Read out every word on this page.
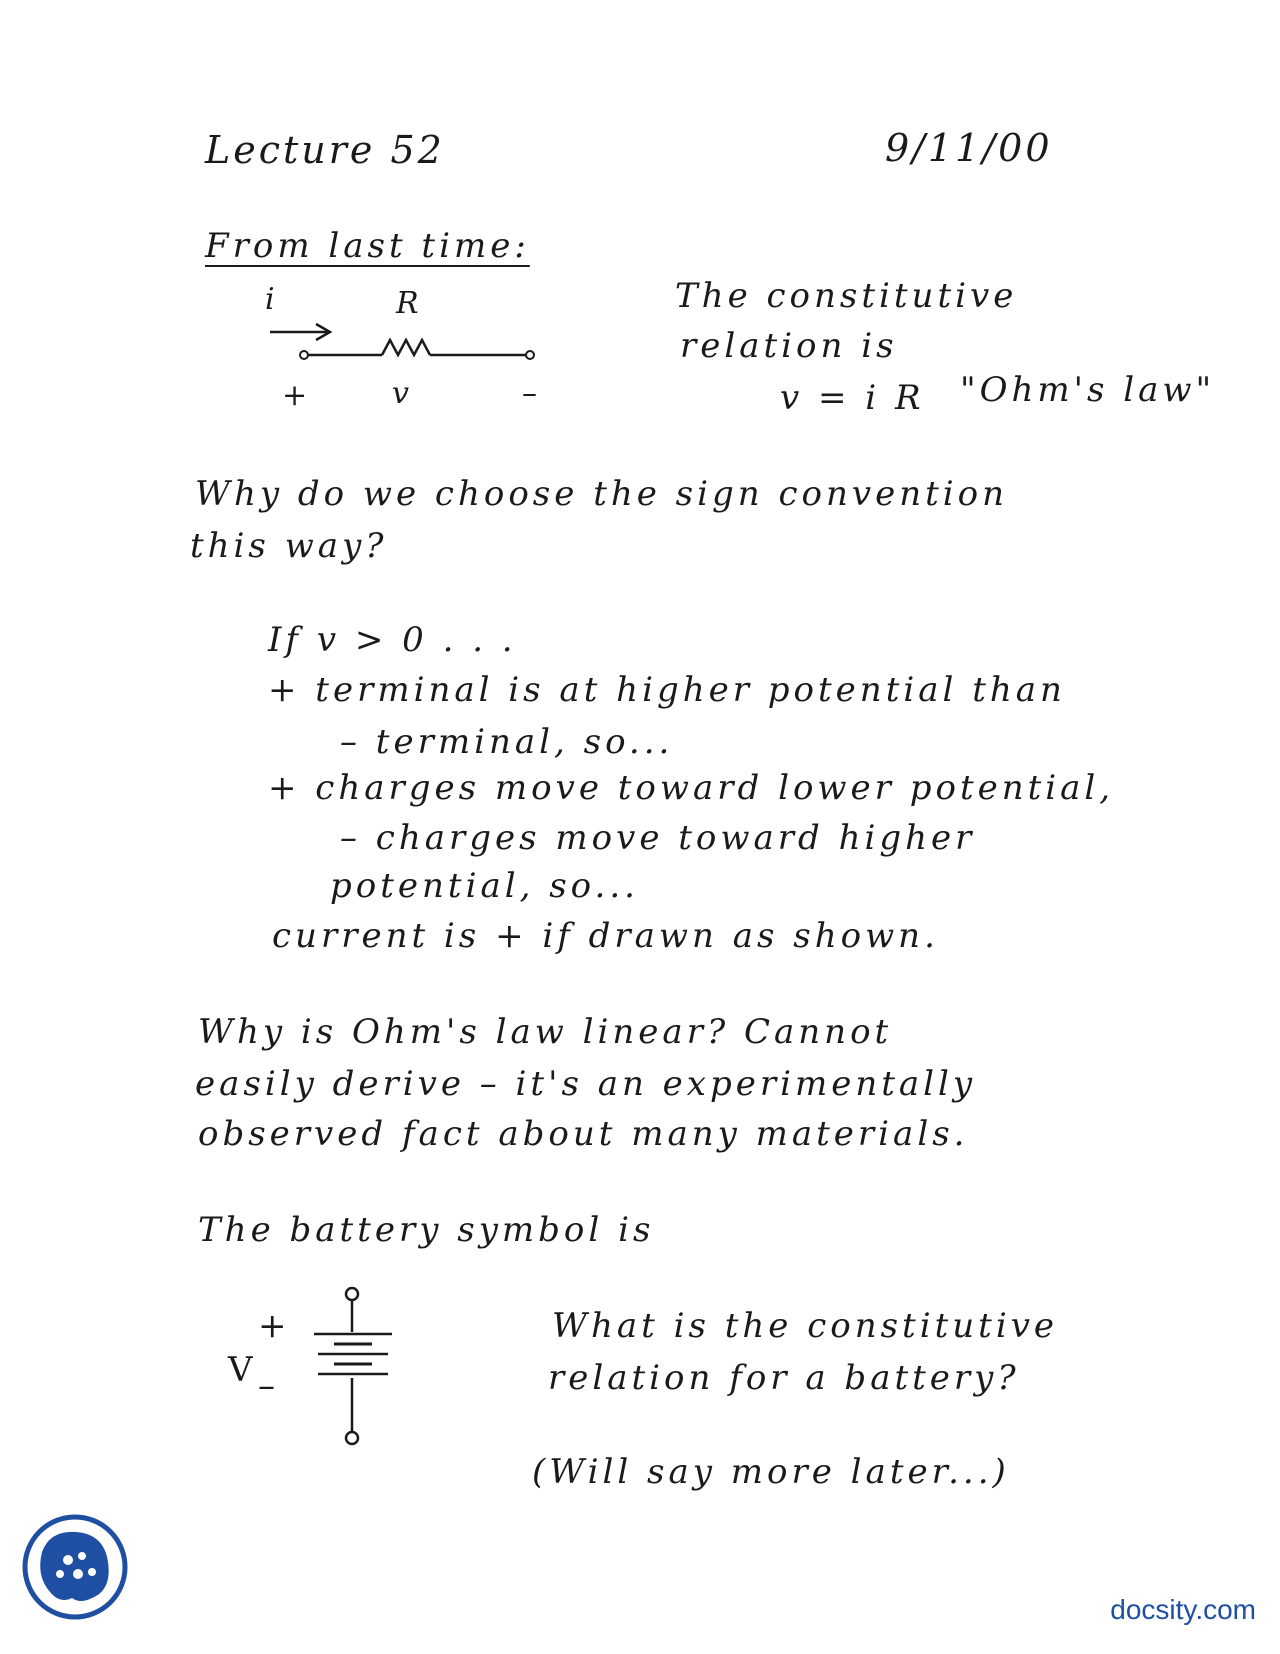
Lecture 52	9/11/00
From last time:
i	R
+	v	–
The constitutive
relation is
v = i R "Ohm's law"
Why do we choose the sign convention
this way?
If v > 0 . . .
+ terminal is at higher potential than
– terminal, so...
+ charges move toward lower potential,
– charges move toward higher
potential, so...
current is + if drawn as shown.
Why is Ohm's law linear? Cannot
easily derive – it's an experimentally
observed fact about many materials.
The battery symbol is
+
V –
What is the constitutive
relation for a battery?
(Will say more later...)
docsity.com
